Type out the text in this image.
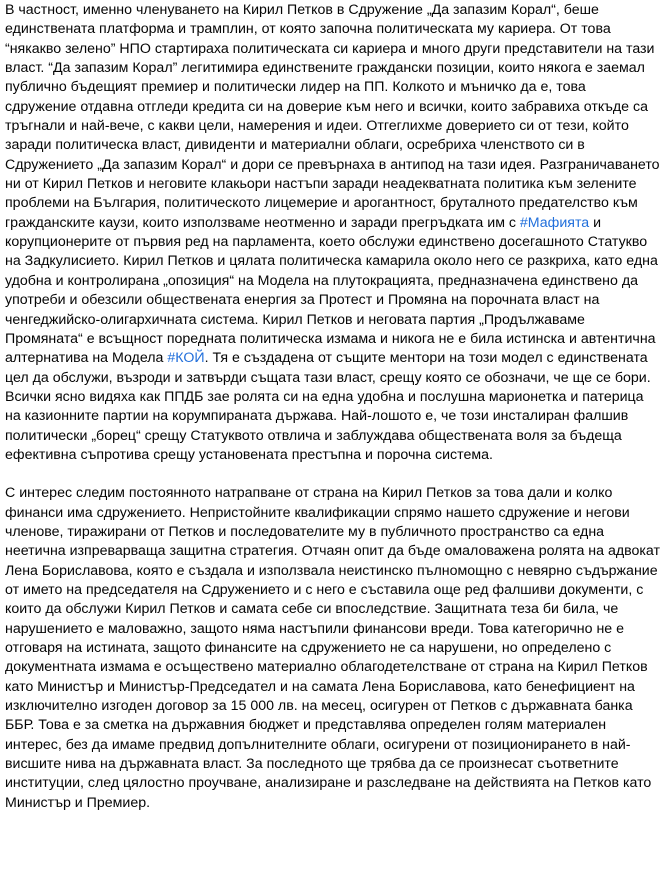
В частност, именно членуването на Кирил Петков в Сдружение „Да запазим Корал“, беше единствената платформа и трамплин, от която започна политическата му кариера. От това “някакво зелено” НПО стартираха политическата си кариера и много други представители на тази власт. “Да запазим Корал” легитимира единствените граждански позиции, които някога е заемал публично бъдещият премиер и политически лидер на ПП. Колкото и мъничко да е, това сдружение отдавна отгледи кредита си на доверие към него и всички, които забравиха откъде са тръгнали и най-вече, с какви цели, намерения и идеи. Отгеглихме доверието си от тези, който заради политическа власт, дивиденти и материални облаги, осребриха членството си в Сдружението „Да запазим Корал“ и дори се превърнаха в антипод на тази идея. Разграничаването ни от Кирил Петков и неговите клакьори настъпи заради неадекватната политика към зелените проблеми на България, политическото лицемерие и арогантност, бруталното предателство към гражданските каузи, които използваме неотменно и заради прегръдката им с #Мафията и корупционерите от първия ред на парламента, което обслужи единствено досегашното Статукво на Задкулисието. Кирил Петков и цялата политическа камарила около него се разкриха, като една удобна и контролирана „опозиция“ на Модела на плутокрацията, предназначена единствено да употреби и обезсили обществената енергия за Протест и Промяна на порочната власт на ченгеджийско-олигархичната система. Кирил Петков и неговата партия „Продължаваме Промяната“ е всъщност поредната политическа измама и никога не е била истинска и автентична алтернатива на Модела #КОЙ. Тя е създадена от същите ментори на този модел с единствената цел да обслужи, възроди и затвърди същата тази власт, срещу която се обозначи, че ще се бори. Всички ясно видяха как ППДБ зае ролята си на една удобна и послушна марионетка и патерица на казионните партии на корумпираната държава. Най-лошото е, че този инсталиран фалшив политически „борец“ срещу Статуквото отвлича и заблуждава обществената воля за бъдеща ефективна съпротива срещу установената престъпна и порочна система.

С интерес следим постоянното натрапване от страна на Кирил Петков за това дали и колко финанси има сдружението. Непристойните квалификации спрямо нашето сдружение и негови членове, тиражирани от Петков и последователите му в публичното пространство са една неетична изпреварваща защитна стратегия. Отчаян опит да бъде омаловажена ролята на адвокат Лена Бориславова, която е създала и използвала неистинско пълномощно с невярно съдържание от името на председателя на Сдружението и с него е съставила още ред фалшиви документи, с които да обслужи Кирил Петков и самата себе си впоследствие. Защитната теза би била, че нарушението е маловажно, защото няма настъпили финансови вреди. Това категорично не е отговаря на истината, защото финансите на сдружението не са нарушени, но определено с документната измама е осъществено материално облагодетелстване от страна на Кирил Петков като Министър и Министър-Председател и на самата Лена Бориславова, като бенефициент на изключително изгоден договор за 15 000 лв. на месец, осигурен от Петков с държавната банка ББР. Това е за сметка на държавния бюджет и представлява определен голям материален интерес, без да имаме предвид допълнителните облаги, осигурени от позиционирането в най-висшите нива на държавната власт. За последното ще трябва да се произнесат съответните институции, след цялостно проучване, анализиране и разследване на действията на Петков като Министър и Премиер.
